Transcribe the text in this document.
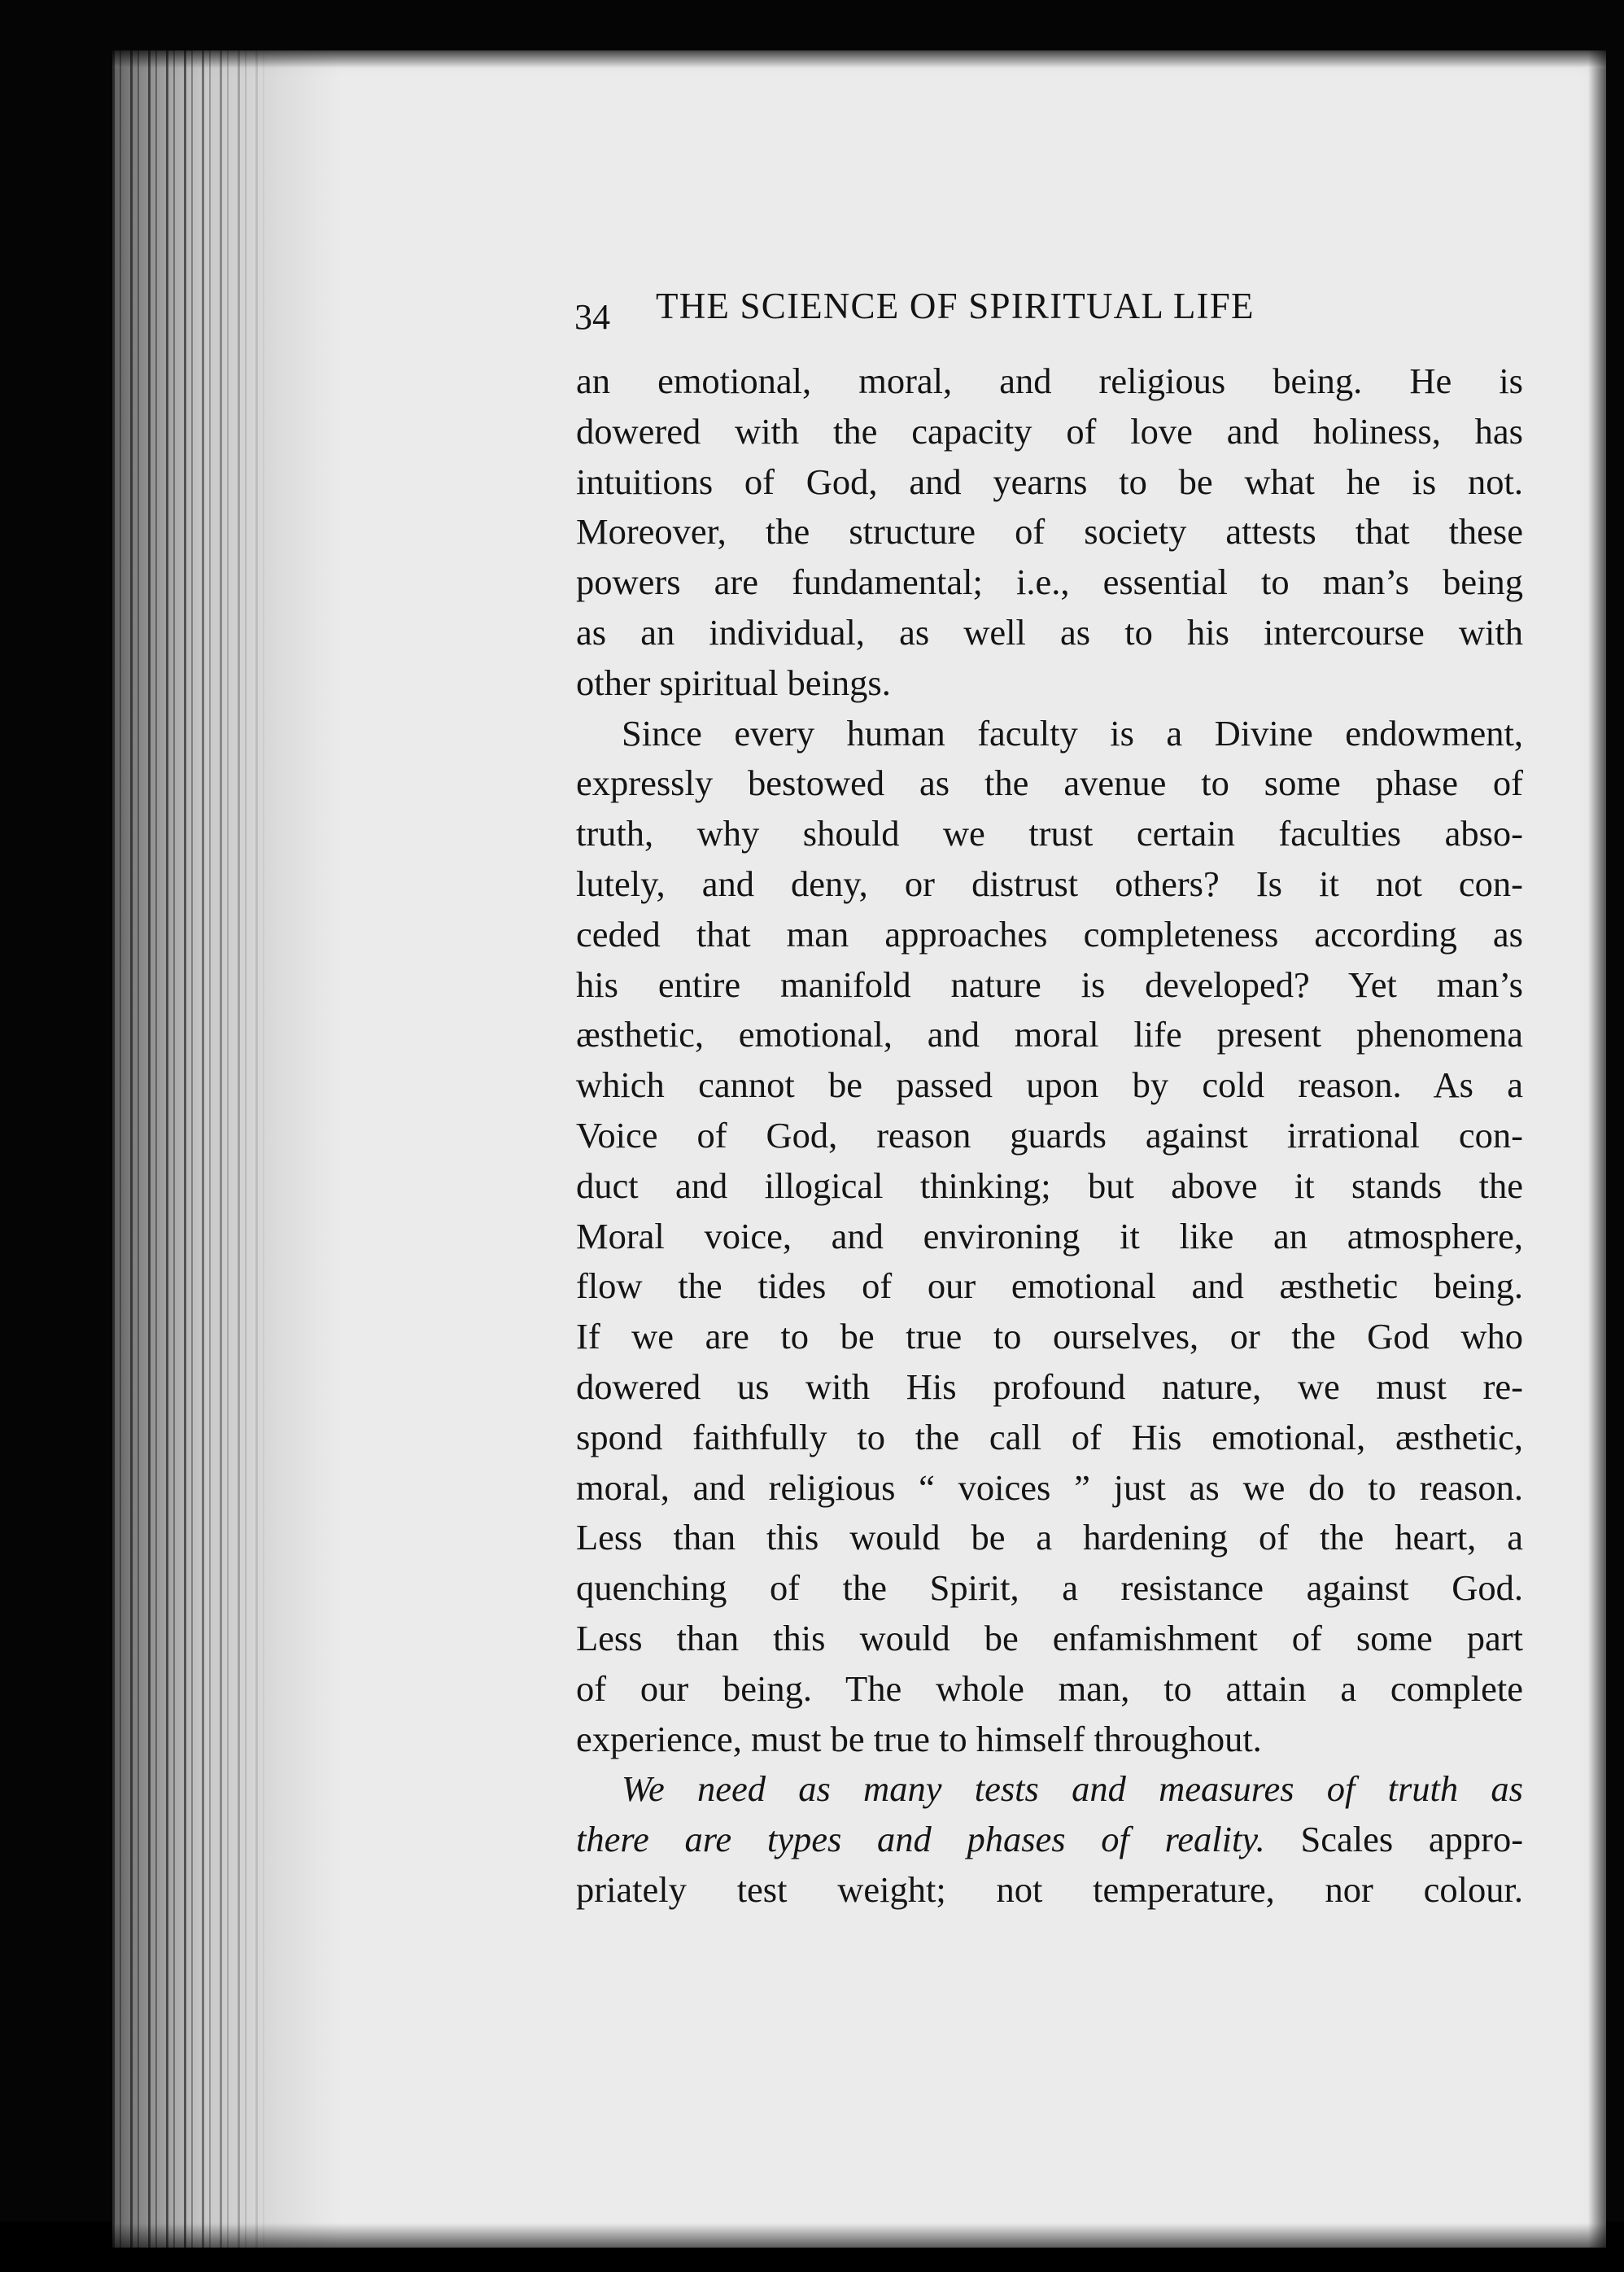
34 THE SCIENCE OF SPIRITUAL LIFE
an emotional, moral, and religious being. He is
dowered with the capacity of love and holiness, has
intuitions of God, and yearns to be what he is not.
Moreover, the structure of society attests that these
powers are fundamental; i.e., essential to man’s being
as an individual, as well as to his intercourse with
other spiritual beings.
Since every human faculty is a Divine endowment,
expressly bestowed as the avenue to some phase of
truth, why should we trust certain faculties abso-
lutely, and deny, or distrust others? Is it not con-
ceded that man approaches completeness according as
his entire manifold nature is developed? Yet man’s
æsthetic, emotional, and moral life present phenomena
which cannot be passed upon by cold reason. As a
Voice of God, reason guards against irrational con-
duct and illogical thinking; but above it stands the
Moral voice, and environing it like an atmosphere,
flow the tides of our emotional and æsthetic being.
If we are to be true to ourselves, or the God who
dowered us with His profound nature, we must re-
spond faithfully to the call of His emotional, æsthetic,
moral, and religious “ voices ” just as we do to reason.
Less than this would be a hardening of the heart, a
quenching of the Spirit, a resistance against God.
Less than this would be enfamishment of some part
of our being. The whole man, to attain a complete
experience, must be true to himself throughout.
We need as many tests and measures of truth as
there are types and phases of reality. Scales appro-
priately test weight; not temperature, nor colour.
